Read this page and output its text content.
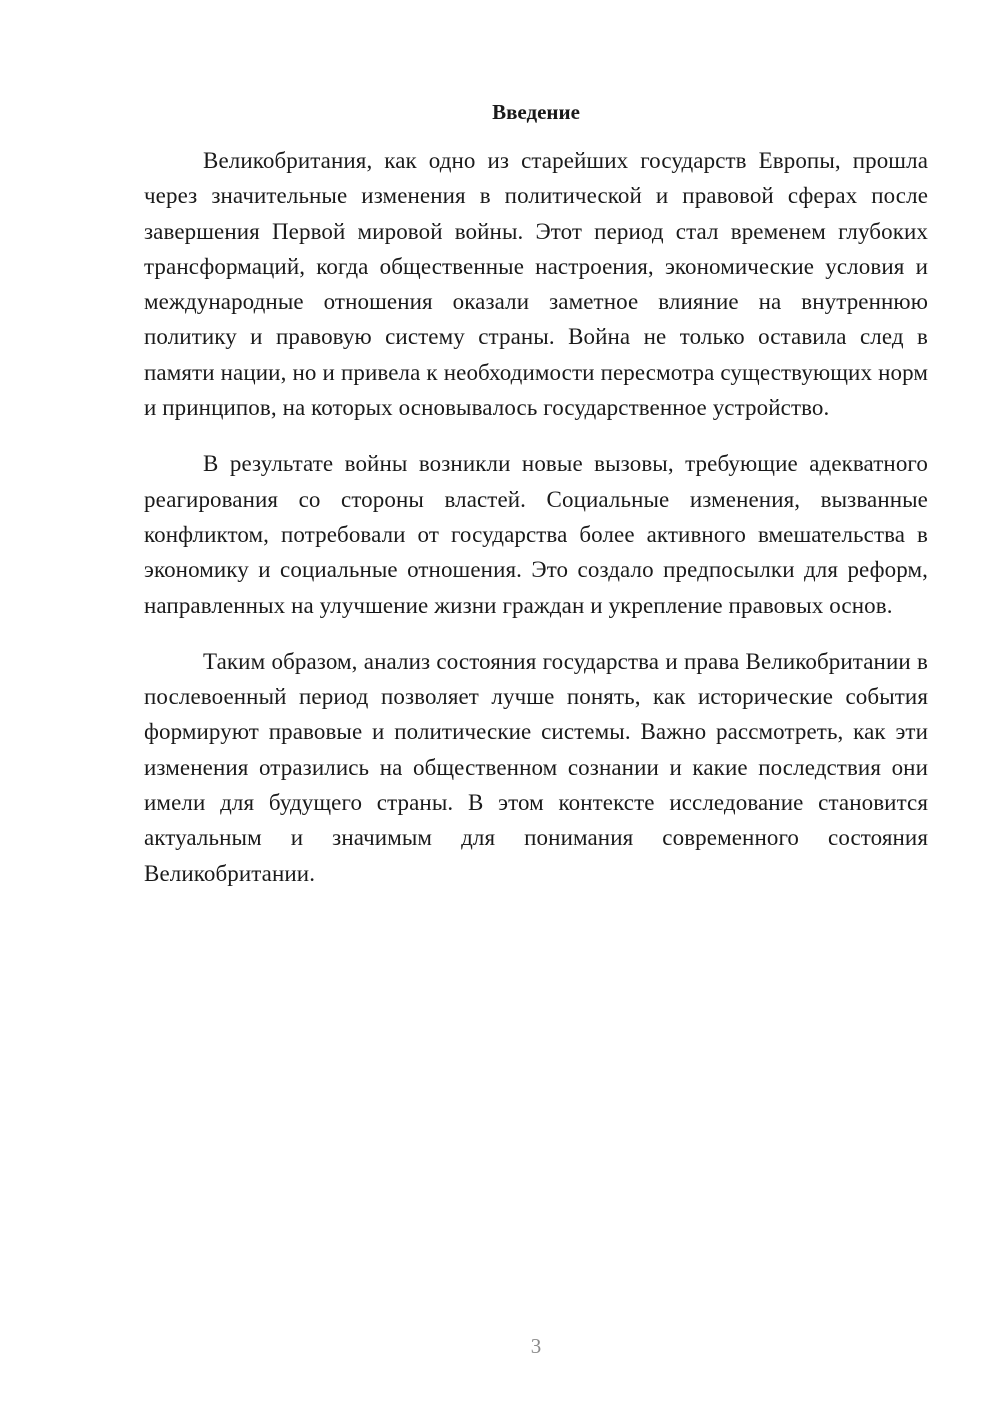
Введение

Великобритания, как одно из старейших государств Европы, прошла через значительные изменения в политической и правовой сферах после завершения Первой мировой войны. Этот период стал временем глубоких трансформаций, когда общественные настроения, экономические условия и международные отношения оказали заметное влияние на внутреннюю политику и правовую систему страны. Война не только оставила след в памяти нации, но и привела к необходимости пересмотра существующих норм и принципов, на которых основывалось государственное устройство.

В результате войны возникли новые вызовы, требующие адекватного реагирования со стороны властей. Социальные изменения, вызванные конфликтом, потребовали от государства более активного вмешательства в экономику и социальные отношения. Это создало предпосылки для реформ, направленных на улучшение жизни граждан и укрепление правовых основ.

Таким образом, анализ состояния государства и права Великобритании в послевоенный период позволяет лучше понять, как исторические события формируют правовые и политические системы. Важно рассмотреть, как эти изменения отразились на общественном сознании и какие последствия они имели для будущего страны. В этом контексте исследование становится актуальным и значимым для понимания современного состояния Великобритании.

3
